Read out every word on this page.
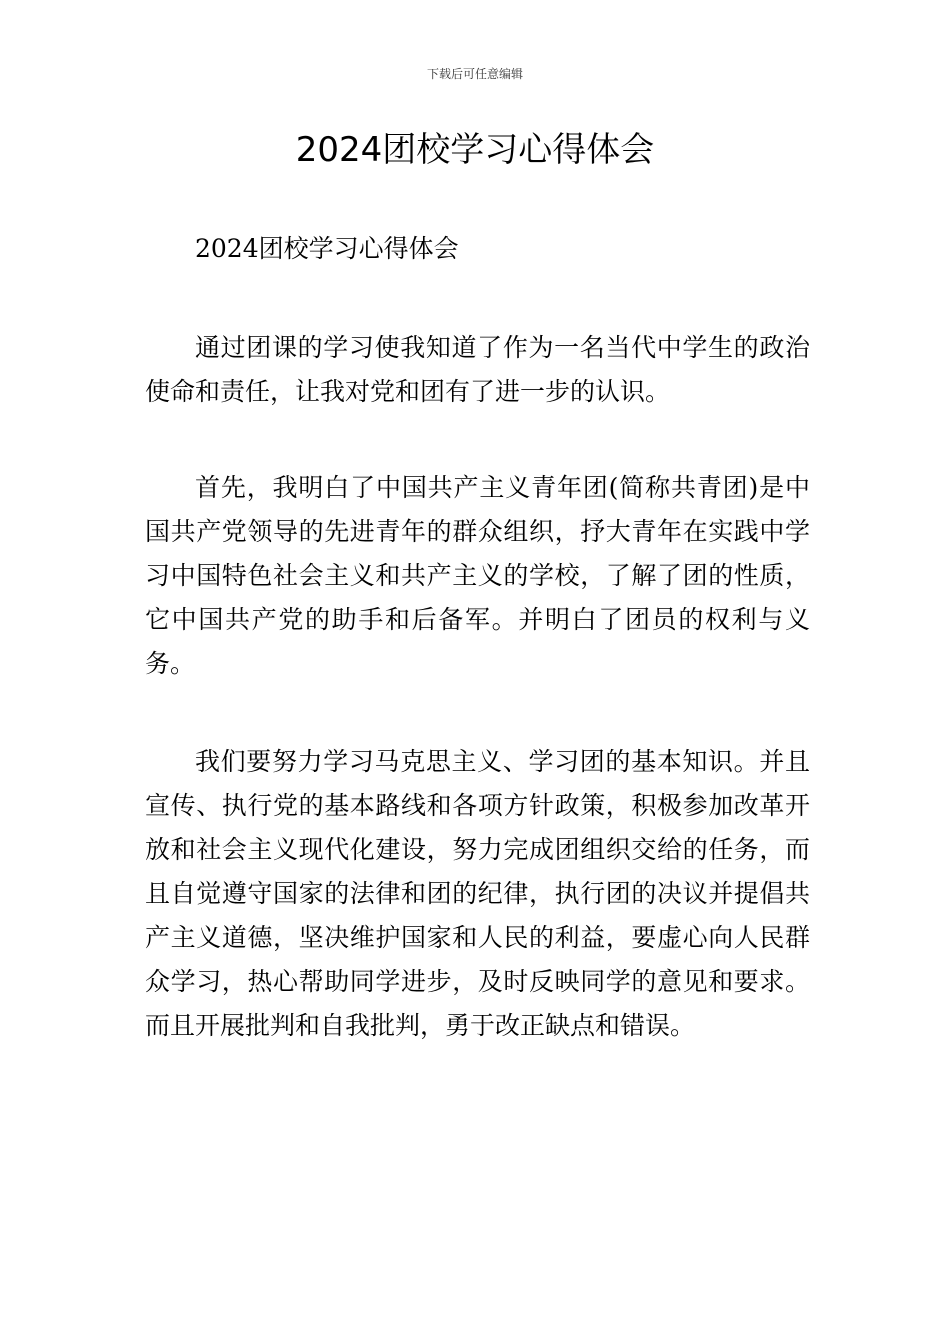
下载后可任意编辑
2024团校学习心得体会

2024团校学习心得体会

通过团课的学习使我知道了作为一名当代中学生的政治使命和责任，让我对党和团有了进一步的认识。

首先，我明白了中国共产主义青年团(简称共青团)是中国共产党领导的先进青年的群众组织，抒大青年在实践中学习中国特色社会主义和共产主义的学校，了解了团的性质，它中国共产党的助手和后备军。并明白了团员的权利与义务。

我们要努力学习马克思主义、学习团的基本知识。并且宣传、执行党的基本路线和各项方针政策，积极参加改革开放和社会主义现代化建设，努力完成团组织交给的任务，而且自觉遵守国家的法律和团的纪律，执行团的决议并提倡共产主义道德，坚决维护国家和人民的利益，要虚心向人民群众学习，热心帮助同学进步，及时反映同学的意见和要求。而且开展批判和自我批判，勇于改正缺点和错误。
